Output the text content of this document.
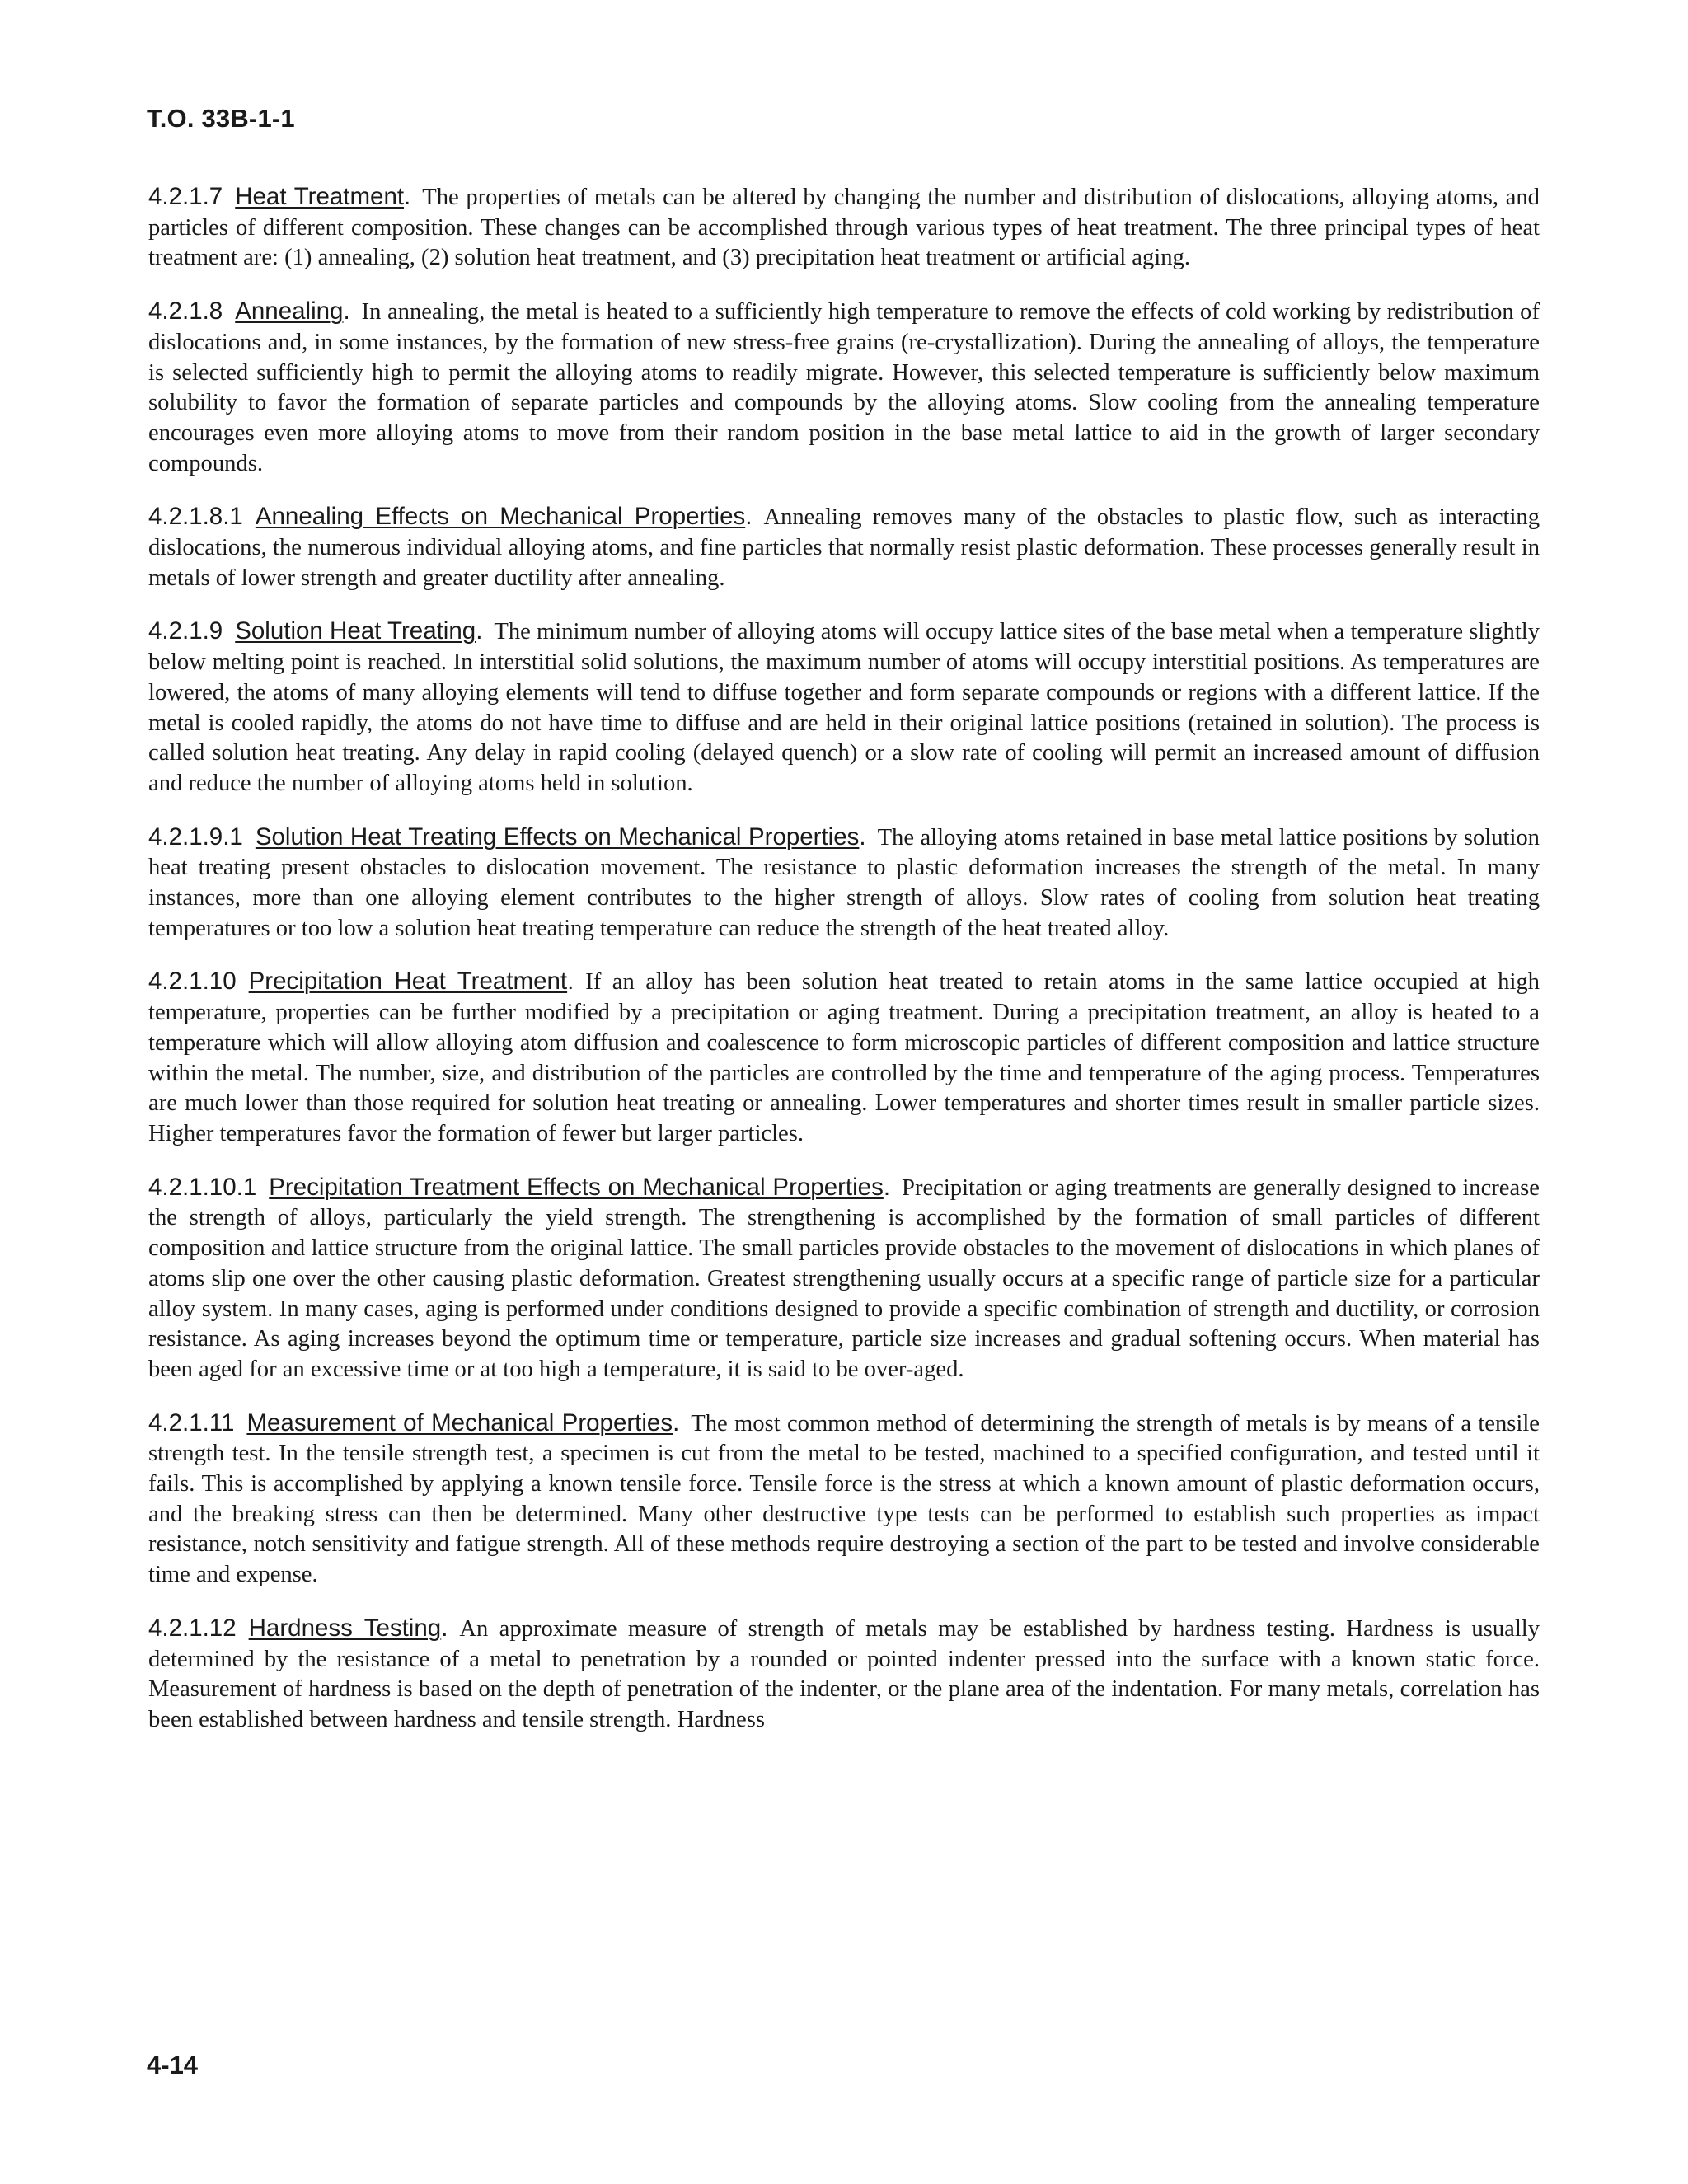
T.O. 33B-1-1

4.2.1.7 Heat Treatment. The properties of metals can be altered by changing the number and distribution of dislocations, alloying atoms, and particles of different composition. These changes can be accomplished through various types of heat treatment. The three principal types of heat treatment are: (1) annealing, (2) solution heat treatment, and (3) precipitation heat treatment or artificial aging.

4.2.1.8 Annealing. In annealing, the metal is heated to a sufficiently high temperature to remove the effects of cold working by redistribution of dislocations and, in some instances, by the formation of new stress-free grains (re-crystallization). During the annealing of alloys, the temperature is selected sufficiently high to permit the alloying atoms to readily migrate. However, this selected temperature is sufficiently below maximum solubility to favor the formation of separate particles and compounds by the alloying atoms. Slow cooling from the annealing temperature encourages even more alloying atoms to move from their random position in the base metal lattice to aid in the growth of larger secondary compounds.

4.2.1.8.1 Annealing Effects on Mechanical Properties. Annealing removes many of the obstacles to plastic flow, such as interacting dislocations, the numerous individual alloying atoms, and fine particles that normally resist plastic deformation. These processes generally result in metals of lower strength and greater ductility after annealing.

4.2.1.9 Solution Heat Treating. The minimum number of alloying atoms will occupy lattice sites of the base metal when a temperature slightly below melting point is reached. In interstitial solid solutions, the maximum number of atoms will occupy interstitial positions. As temperatures are lowered, the atoms of many alloying elements will tend to diffuse together and form separate compounds or regions with a different lattice. If the metal is cooled rapidly, the atoms do not have time to diffuse and are held in their original lattice positions (retained in solution). The process is called solution heat treating. Any delay in rapid cooling (delayed quench) or a slow rate of cooling will permit an increased amount of diffusion and reduce the number of alloying atoms held in solution.

4.2.1.9.1 Solution Heat Treating Effects on Mechanical Properties. The alloying atoms retained in base metal lattice positions by solution heat treating present obstacles to dislocation movement. The resistance to plastic deformation increases the strength of the metal. In many instances, more than one alloying element contributes to the higher strength of alloys. Slow rates of cooling from solution heat treating temperatures or too low a solution heat treating temperature can reduce the strength of the heat treated alloy.

4.2.1.10 Precipitation Heat Treatment. If an alloy has been solution heat treated to retain atoms in the same lattice occupied at high temperature, properties can be further modified by a precipitation or aging treatment. During a precipitation treatment, an alloy is heated to a temperature which will allow alloying atom diffusion and coalescence to form microscopic particles of different composition and lattice structure within the metal. The number, size, and distribution of the particles are controlled by the time and temperature of the aging process. Temperatures are much lower than those required for solution heat treating or annealing. Lower temperatures and shorter times result in smaller particle sizes. Higher temperatures favor the formation of fewer but larger particles.

4.2.1.10.1 Precipitation Treatment Effects on Mechanical Properties. Precipitation or aging treatments are generally designed to increase the strength of alloys, particularly the yield strength. The strengthening is accomplished by the formation of small particles of different composition and lattice structure from the original lattice. The small particles provide obstacles to the movement of dislocations in which planes of atoms slip one over the other causing plastic deformation. Greatest strengthening usually occurs at a specific range of particle size for a particular alloy system. In many cases, aging is performed under conditions designed to provide a specific combination of strength and ductility, or corrosion resistance. As aging increases beyond the optimum time or temperature, particle size increases and gradual softening occurs. When material has been aged for an excessive time or at too high a temperature, it is said to be over-aged.

4.2.1.11 Measurement of Mechanical Properties. The most common method of determining the strength of metals is by means of a tensile strength test. In the tensile strength test, a specimen is cut from the metal to be tested, machined to a specified configuration, and tested until it fails. This is accomplished by applying a known tensile force. Tensile force is the stress at which a known amount of plastic deformation occurs, and the breaking stress can then be determined. Many other destructive type tests can be performed to establish such properties as impact resistance, notch sensitivity and fatigue strength. All of these methods require destroying a section of the part to be tested and involve considerable time and expense.

4.2.1.12 Hardness Testing. An approximate measure of strength of metals may be established by hardness testing. Hardness is usually determined by the resistance of a metal to penetration by a rounded or pointed indenter pressed into the surface with a known static force. Measurement of hardness is based on the depth of penetration of the indenter, or the plane area of the indentation. For many metals, correlation has been established between hardness and tensile strength. Hardness

4-14
